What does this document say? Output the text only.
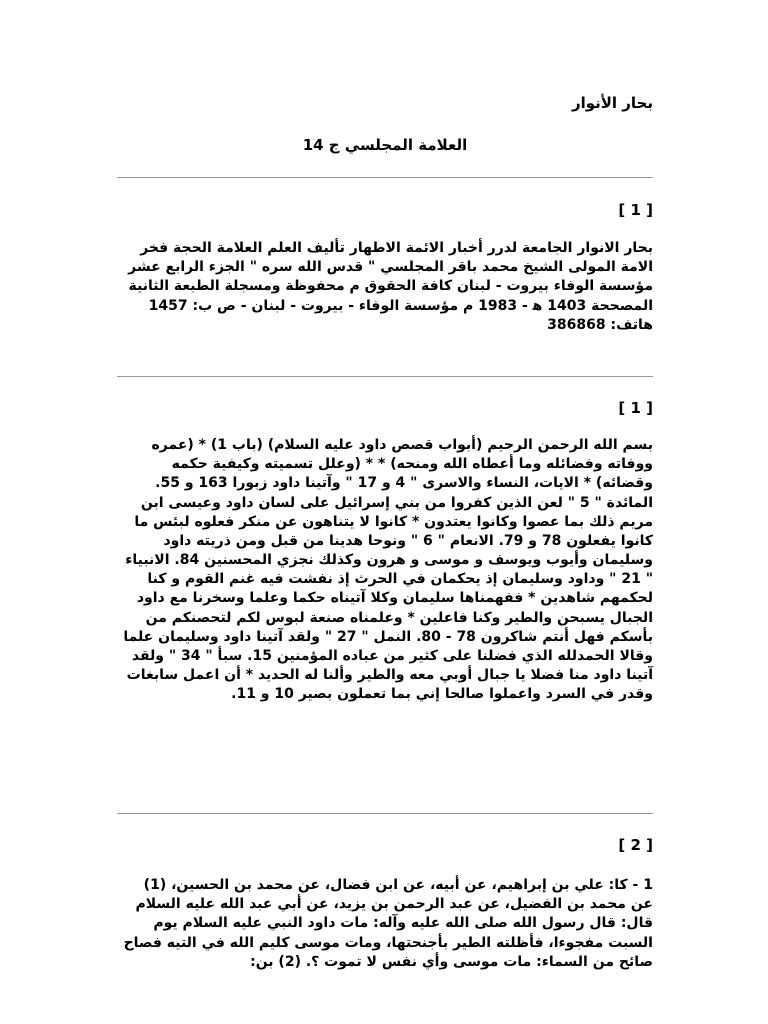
بحار الأنوار

العلامة المجلسي ج 14

[ 1 ]

بحار الانوار الجامعة لدرر أخبار الائمة الاطهار تأليف العلم العلامة الحجة فخر الامة المولى الشيخ محمد باقر المجلسي " قدس الله سره " الجزء الرابع عشر مؤسسة الوفاء بيروت - لبنان كافة الحقوق م محفوظة ومسجلة الطبعة الثانية المصححة 1403 ه‍ - 1983 م مؤسسة الوفاء - بيروت - لبنان - ص ب: 1457 هاتف: 386868

[ 1 ]

بسم الله الرحمن الرحيم (أبواب قصص داود عليه السلام) (باب 1) * (عمره ووفاته وفضائله وما أعطاه الله ومنحه) * * (وعلل تسميته وكيفية حكمه وقضائه) * الايات، النساء والاسرى " 4 و 17 " وآتينا داود زبورا 163 و 55. المائدة " 5 " لعن الذين كفروا من بني إسرائيل على لسان داود وعيسى ابن مريم ذلك بما عصوا وكانوا يعتدون * كانوا لا يتناهون عن منكر فعلوه لبئس ما كانوا يفعلون 78 و 79. الانعام " 6 " ونوحا هدينا من قبل ومن ذريته داود وسليمان وأيوب ويوسف و موسى و هرون وكذلك نجزي المحسنين 84. الانبياء " 21 " وداود وسليمان إذ يحكمان في الحرث إذ نفشت فيه غنم القوم و كنا لحكمهم شاهدين * ففهمناها سليمان وكلا آتيناه حكما وعلما وسخرنا مع داود الجبال يسبحن والطير وكنا فاعلين * وعلمناه صنعة لبوس لكم لتحصنكم من بأسكم فهل أنتم شاكرون 78 - 80. النمل " 27 " ولقد آتينا داود وسليمان علما وقالا الحمدلله الذي فضلنا على كثير من عباده المؤمنين 15. سبأ " 34 " ولقد آتينا داود منا فضلا يا جبال أوبي معه والطير وألنا له الحديد * أن اعمل سابغات وقدر في السرد واعملوا صالحا إني بما تعملون بصير 10 و 11.

[ 2 ]

1 - كا: علي بن إبراهيم، عن أبيه، عن ابن فضال، عن محمد بن الحسين، (1) عن محمد بن الفضيل، عن عبد الرحمن بن يزيد، عن أبي عبد الله عليه السلام قال: قال رسول الله صلى الله عليه وآله: مات داود النبي عليه السلام يوم السبت مفجوءا، فأظلته الطير بأجنحتها، ومات موسى كليم الله في التيه فصاح صائح من السماء: مات موسى وأي نفس لا تموت ؟. (2) بن:
